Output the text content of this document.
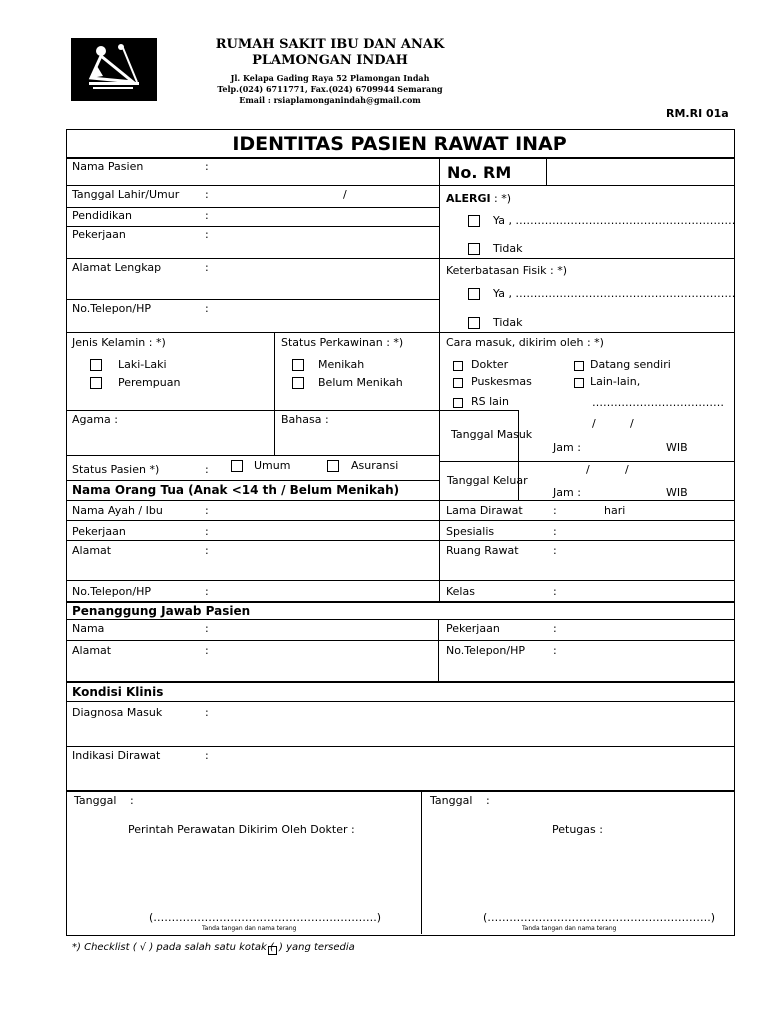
RUMAH SAKIT IBU DAN ANAK
PLAMONGAN INDAH
Jl. Kelapa Gading Raya 52 Plamongan Indah
Telp.(024) 6711771, Fax.(024) 6709944 Semarang
Email : rsiaplamonganindah@gmail.com
RM.RI 01a
IDENTITAS PASIEN RAWAT INAP
Nama Pasien	:	No. RM
Tanggal Lahir/Umur :	/
Pendidikan	:
Pekerjaan	:
Alamat Lengkap	:
No.Telepon/HP	:
ALERGI : *)
Ya , ……………………………………………………
Tidak
Keterbatasan Fisik : *)
Ya , ……………………………………………………
Tidak
Jenis Kelamin : *)
Laki-Laki
Perempuan
Status Perkawinan : *)
Menikah
Belum Menikah
Cara masuk, dikirim oleh : *)
Dokter	Datang sendiri
Puskesmas	Lain-lain,
RS lain	………………………………
Agama :	Bahasa :
Tanggal Masuk
/	/
Jam :	WIB
Status Pasien *)	:	Umum	Asuransi
Tanggal Keluar
/	/
Jam :	WIB
Nama Orang Tua (Anak <14 th / Belum Menikah)
Nama Ayah / Ibu	:	Lama Dirawat	:	hari
Pekerjaan	:	Spesialis	:
Alamat	:	Ruang Rawat	:
No.Telepon/HP	:	Kelas	:
Penanggung Jawab Pasien
Nama	:	Pekerjaan	:
Alamat	:	No.Telepon/HP	:
Kondisi Klinis
Diagnosa Masuk	:
Indikasi Dirawat	:
Tanggal :	Tanggal :
Perintah Perawatan Dikirim Oleh Dokter :	Petugas :
(…………………………………………………….)
Tanda tangan dan nama terang
(…………………………………………………….)
Tanda tangan dan nama terang
*) Checklist ( √ ) pada salah satu kotak ( ) yang tersedia
